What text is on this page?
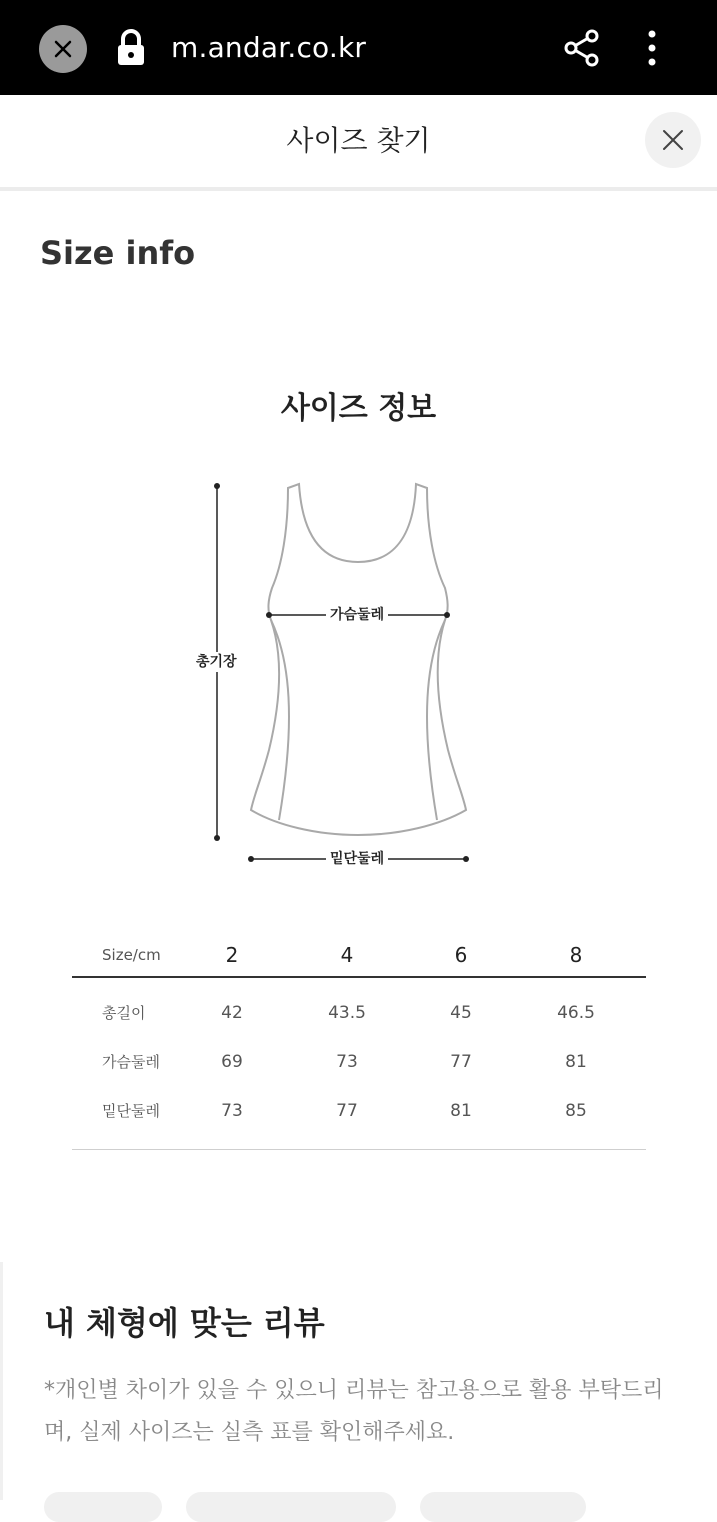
m.andar.co.kr
사이즈 찾기
Size info
사이즈 정보
가슴둘레
총기장
밑단둘레
Size/cm	2	4	6	8
총길이	42	43.5	45	46.5
가슴둘레	69	73	77	81
밑단둘레	73	77	81	85
내 체형에 맞는 리뷰
*개인별 차이가 있을 수 있으니 리뷰는 참고용으로 활용 부탁드리며, 실제 사이즈는 실측 표를 확인해주세요.
